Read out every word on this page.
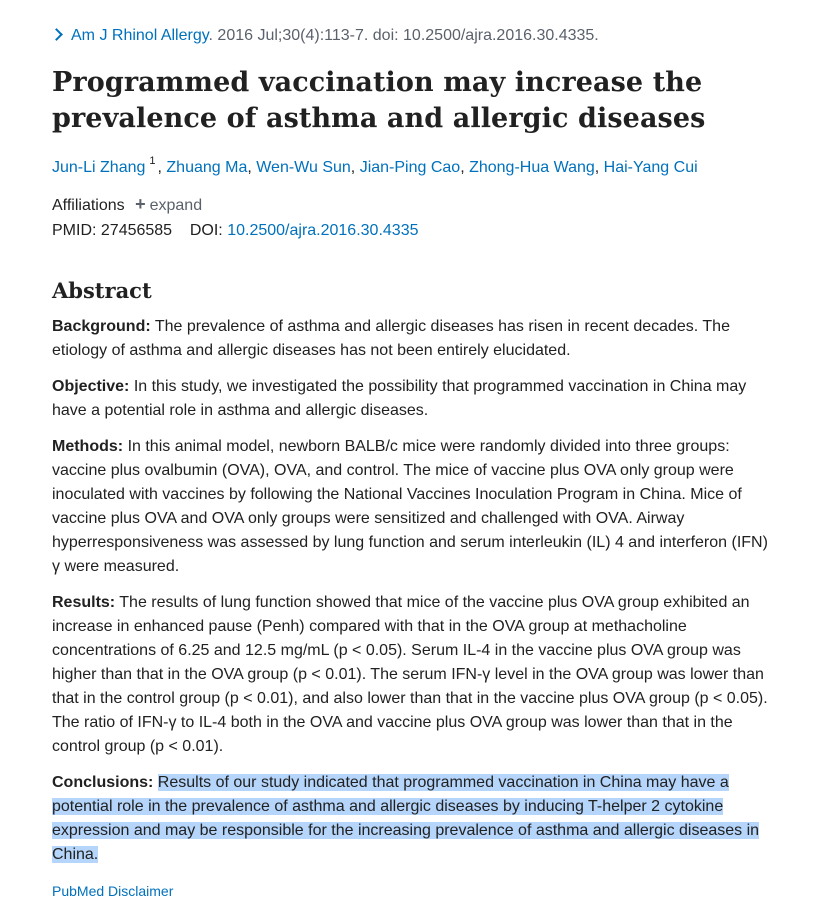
Am J Rhinol Allergy. 2016 Jul;30(4):113-7. doi: 10.2500/ajra.2016.30.4335.
Programmed vaccination may increase the prevalence of asthma and allergic diseases
Jun-Li Zhang $^1$ , Zhuang Ma, Wen-Wu Sun, Jian-Ping Cao, Zhong-Hua Wang, Hai-Yang Cui
Affiliations + expand
PMID: 27456585 DOI: 10.2500/ajra.2016.30.4335
Abstract

Background: The prevalence of asthma and allergic diseases has risen in recent decades. The etiology of asthma and allergic diseases has not been entirely elucidated.

Objective: In this study, we investigated the possibility that programmed vaccination in China may have a potential role in asthma and allergic diseases.

Methods: In this animal model, newborn BALB/c mice were randomly divided into three groups: vaccine plus ovalbumin (OVA), OVA, and control. The mice of vaccine plus OVA only group were inoculated with vaccines by following the National Vaccines Inoculation Program in China. Mice of vaccine plus OVA and OVA only groups were sensitized and challenged with OVA. Airway hyperresponsiveness was assessed by lung function and serum interleukin (IL) 4 and interferon (IFN) γ were measured.

Results: The results of lung function showed that mice of the vaccine plus OVA group exhibited an increase in enhanced pause (Penh) compared with that in the OVA group at methacholine concentrations of 6.25 and 12.5 mg/mL (p < 0.05). Serum IL-4 in the vaccine plus OVA group was higher than that in the OVA group (p < 0.01). The serum IFN-γ level in the OVA group was lower than that in the control group (p < 0.01), and also lower than that in the vaccine plus OVA group (p < 0.05). The ratio of IFN-γ to IL-4 both in the OVA and vaccine plus OVA group was lower than that in the control group (p < 0.01).

Conclusions: Results of our study indicated that programmed vaccination in China may have a potential role in the prevalence of asthma and allergic diseases by inducing T-helper 2 cytokine expression and may be responsible for the increasing prevalence of asthma and allergic diseases in China.

PubMed Disclaimer
